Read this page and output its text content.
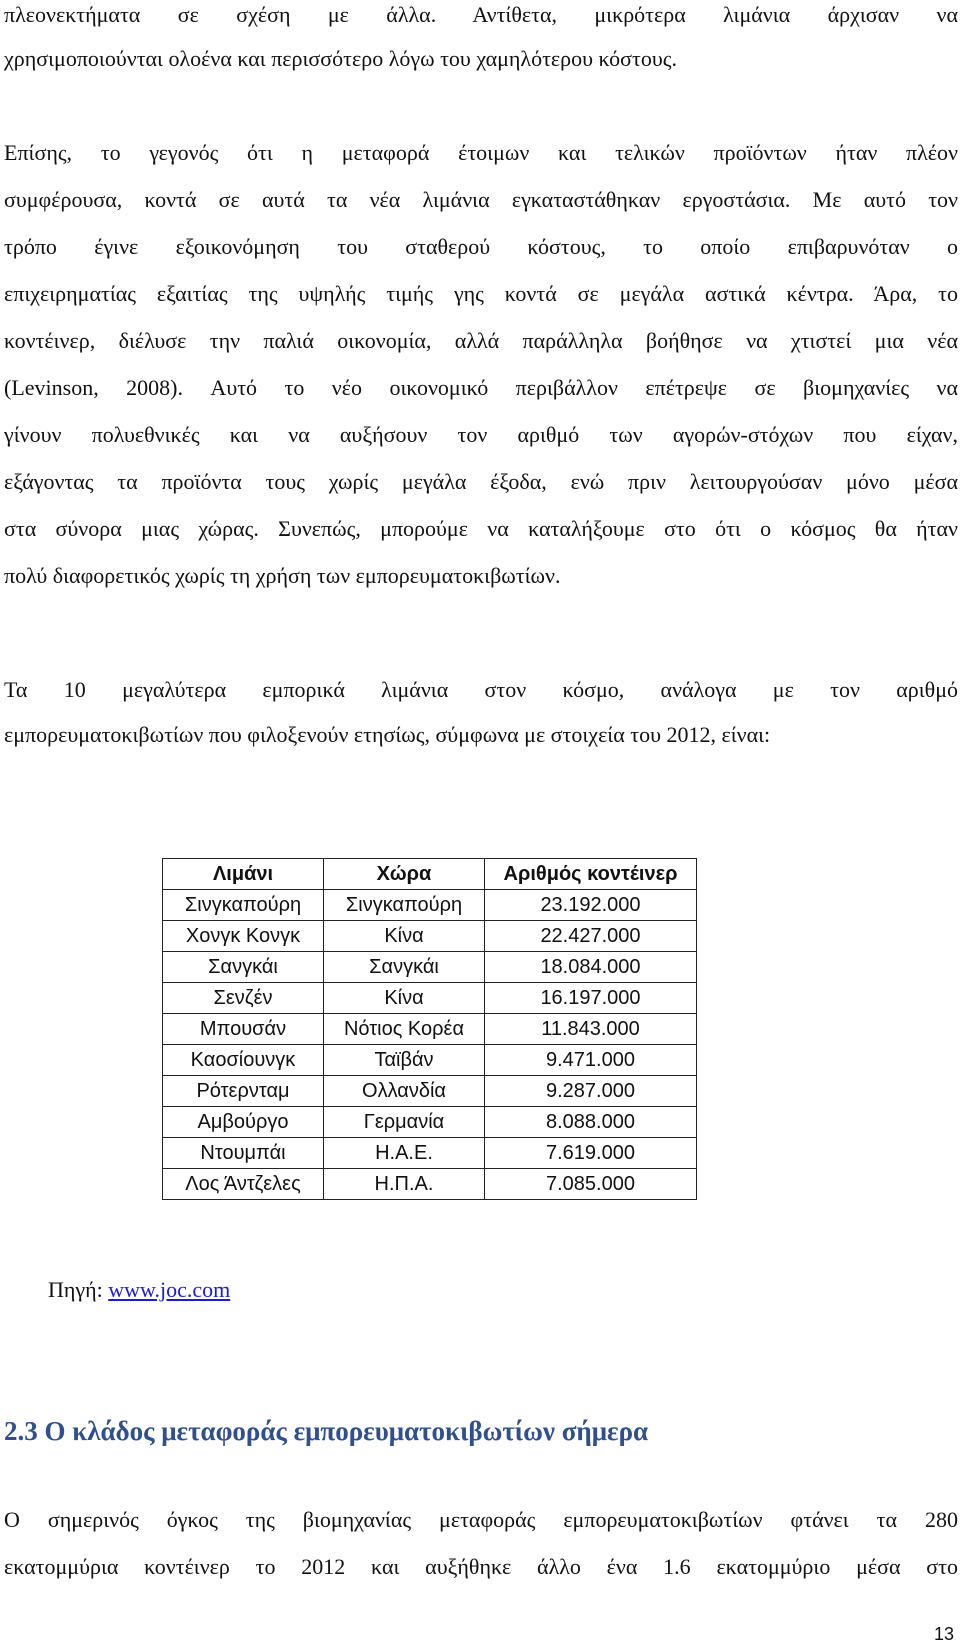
πλεονεκτήματα σε σχέση με άλλα. Αντίθετα, μικρότερα λιμάνια άρχισαν να
χρησιμοποιούνται ολοένα και περισσότερο λόγω του χαμηλότερου κόστους.
Επίσης, το γεγονός ότι η μεταφορά έτοιμων και τελικών προϊόντων ήταν πλέον
συμφέρουσα, κοντά σε αυτά τα νέα λιμάνια εγκαταστάθηκαν εργοστάσια. Με αυτό τον
τρόπο έγινε εξοικονόμηση του σταθερού κόστους, το οποίο επιβαρυνόταν ο
επιχειρηματίας εξαιτίας της υψηλής τιμής γης κοντά σε μεγάλα αστικά κέντρα. Άρα, το
κοντέινερ, διέλυσε την παλιά οικονομία, αλλά παράλληλα βοήθησε να χτιστεί μια νέα
(Levinson, 2008). Αυτό το νέο οικονομικό περιβάλλον επέτρεψε σε βιομηχανίες να
γίνουν πολυεθνικές και να αυξήσουν τον αριθμό των αγορών-στόχων που είχαν,
εξάγοντας τα προϊόντα τους χωρίς μεγάλα έξοδα, ενώ πριν λειτουργούσαν μόνο μέσα
στα σύνορα μιας χώρας. Συνεπώς, μπορούμε να καταλήξουμε στο ότι ο κόσμος θα ήταν
πολύ διαφορετικός χωρίς τη χρήση των εμπορευματοκιβωτίων.
Τα 10 μεγαλύτερα εμπορικά λιμάνια στον κόσμο, ανάλογα με τον αριθμό
εμπορευματοκιβωτίων που φιλοξενούν ετησίως, σύμφωνα με στοιχεία του 2012, είναι:
Λιμάνι	Χώρα	Αριθμός κοντέινερ
Σινγκαπούρη	Σινγκαπούρη	23.192.000
Χονγκ Κονγκ	Κίνα	22.427.000
Σανγκάι	Σανγκάι	18.084.000
Σενζέν	Κίνα	16.197.000
Μπουσάν	Νότιος Κορέα	11.843.000
Καοσίουνγκ	Ταϊβάν	9.471.000
Ρότερνταμ	Ολλανδία	9.287.000
Αμβούργο	Γερμανία	8.088.000
Ντουμπάι	Η.Α.Ε.	7.619.000
Λος Άντζελες	Η.Π.Α.	7.085.000
Πηγή: www.joc.com
2.3 Ο κλάδος μεταφοράς εμπορευματοκιβωτίων σήμερα
Ο σημερινός όγκος της βιομηχανίας μεταφοράς εμπορευματοκιβωτίων φτάνει τα 280
εκατομμύρια κοντέινερ το 2012 και αυξήθηκε άλλο ένα 1.6 εκατομμύριο μέσα στο
13
